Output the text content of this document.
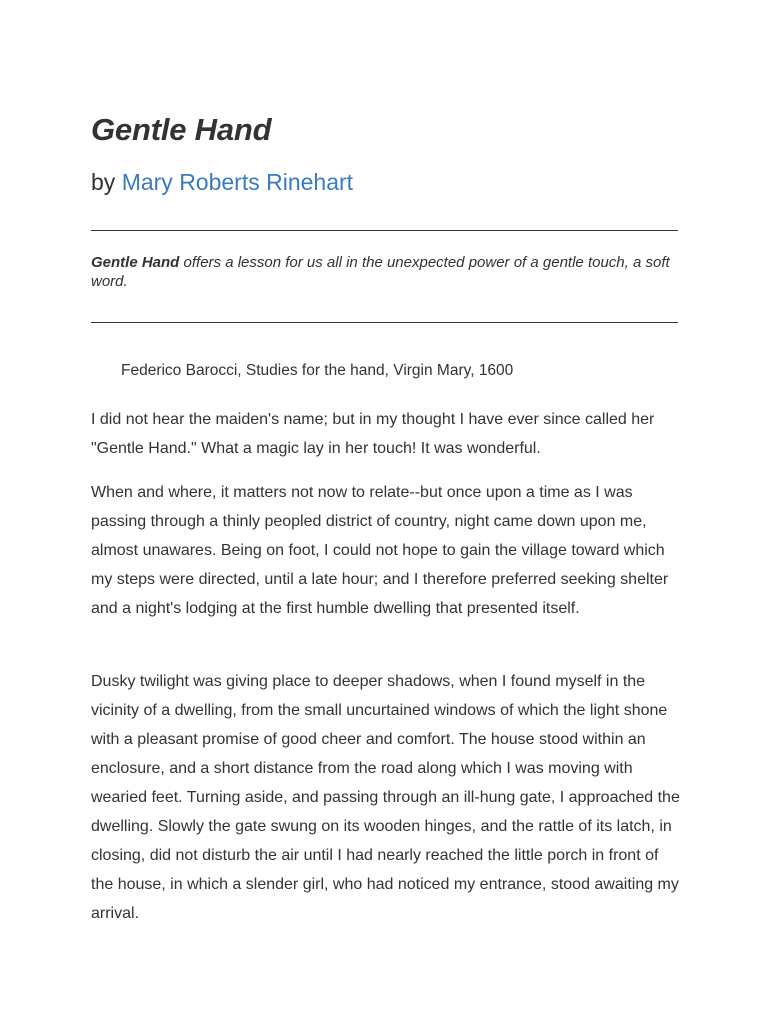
Gentle Hand
by Mary Roberts Rinehart

Gentle Hand offers a lesson for us all in the unexpected power of a gentle touch, a soft word.

Federico Barocci, Studies for the hand, Virgin Mary, 1600

I did not hear the maiden's name; but in my thought I have ever since called her "Gentle Hand." What a magic lay in her touch! It was wonderful.

When and where, it matters not now to relate--but once upon a time as I was passing through a thinly peopled district of country, night came down upon me, almost unawares. Being on foot, I could not hope to gain the village toward which my steps were directed, until a late hour; and I therefore preferred seeking shelter and a night's lodging at the first humble dwelling that presented itself.

Dusky twilight was giving place to deeper shadows, when I found myself in the vicinity of a dwelling, from the small uncurtained windows of which the light shone with a pleasant promise of good cheer and comfort. The house stood within an enclosure, and a short distance from the road along which I was moving with wearied feet. Turning aside, and passing through an ill-hung gate, I approached the dwelling. Slowly the gate swung on its wooden hinges, and the rattle of its latch, in closing, did not disturb the air until I had nearly reached the little porch in front of the house, in which a slender girl, who had noticed my entrance, stood awaiting my arrival.
